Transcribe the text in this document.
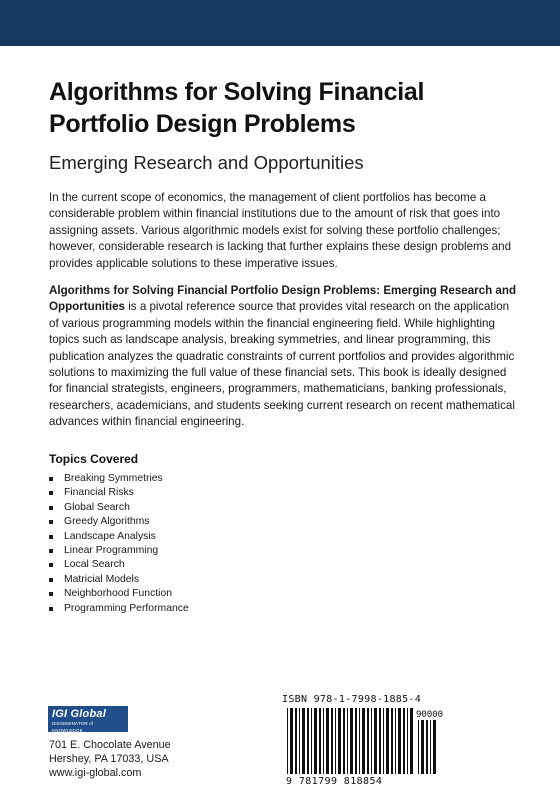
Algorithms for Solving Financial Portfolio Design Problems
Emerging Research and Opportunities
In the current scope of economics, the management of client portfolios has become a considerable problem within financial institutions due to the amount of risk that goes into assigning assets. Various algorithmic models exist for solving these portfolio challenges; however, considerable research is lacking that further explains these design problems and provides applicable solutions to these imperative issues.
Algorithms for Solving Financial Portfolio Design Problems: Emerging Research and Opportunities is a pivotal reference source that provides vital research on the application of various programming models within the financial engineering field. While highlighting topics such as landscape analysis, breaking symmetries, and linear programming, this publication analyzes the quadratic constraints of current portfolios and provides algorithmic solutions to maximizing the full value of these financial sets. This book is ideally designed for financial strategists, engineers, programmers, mathematicians, banking professionals, researchers, academicians, and students seeking current research on recent mathematical advances within financial engineering.
Topics Covered
Breaking Symmetries
Financial Risks
Global Search
Greedy Algorithms
Landscape Analysis
Linear Programming
Local Search
Matricial Models
Neighborhood Function
Programming Performance
IGI Global
DISSEMINATOR of KNOWLEDGE
701 E. Chocolate Avenue
Hershey, PA 17033, USA
www.igi-global.com
ISBN 978-1-7998-1885-4
90000
9 781799 818854
